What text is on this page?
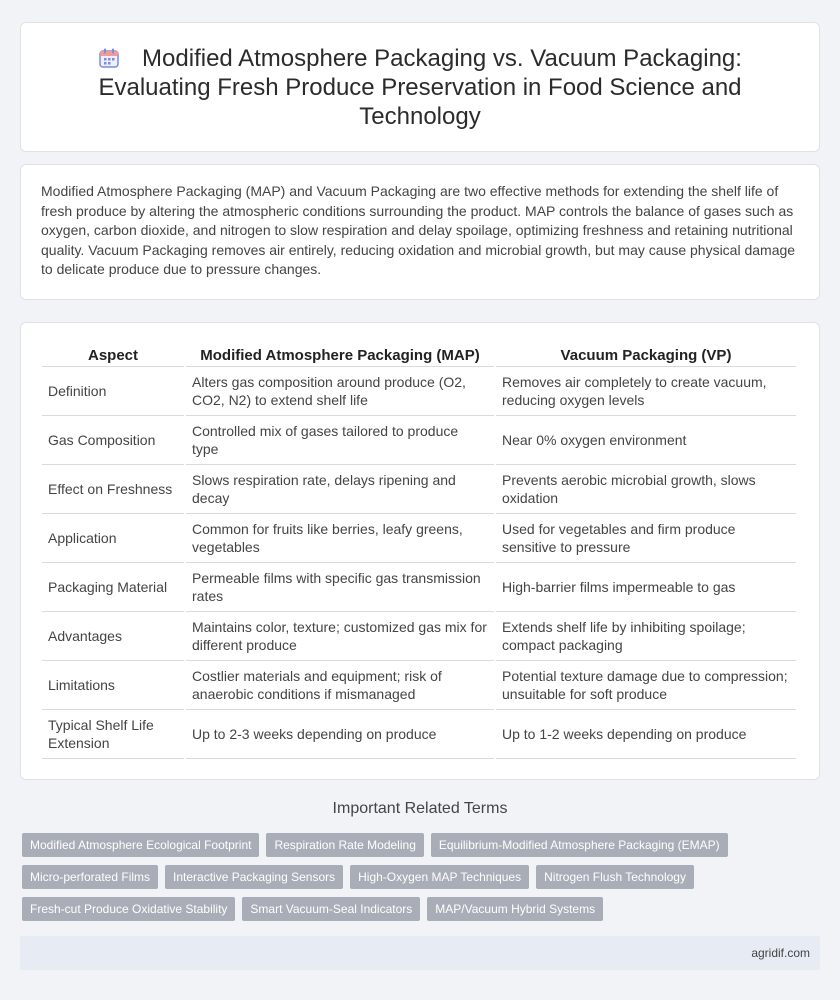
Modified Atmosphere Packaging vs. Vacuum Packaging: Evaluating Fresh Produce Preservation in Food Science and Technology

Modified Atmosphere Packaging (MAP) and Vacuum Packaging are two effective methods for extending the shelf life of fresh produce by altering the atmospheric conditions surrounding the product. MAP controls the balance of gases such as oxygen, carbon dioxide, and nitrogen to slow respiration and delay spoilage, optimizing freshness and retaining nutritional quality. Vacuum Packaging removes air entirely, reducing oxidation and microbial growth, but may cause physical damage to delicate produce due to pressure changes.

Aspect	Modified Atmosphere Packaging (MAP)	Vacuum Packaging (VP)
Definition	Alters gas composition around produce (O2, CO2, N2) to extend shelf life	Removes air completely to create vacuum, reducing oxygen levels
Gas Composition	Controlled mix of gases tailored to produce type	Near 0% oxygen environment
Effect on Freshness	Slows respiration rate, delays ripening and decay	Prevents aerobic microbial growth, slows oxidation
Application	Common for fruits like berries, leafy greens, vegetables	Used for vegetables and firm produce sensitive to pressure
Packaging Material	Permeable films with specific gas transmission rates	High-barrier films impermeable to gas
Advantages	Maintains color, texture; customized gas mix for different produce	Extends shelf life by inhibiting spoilage; compact packaging
Limitations	Costlier materials and equipment; risk of anaerobic conditions if mismanaged	Potential texture damage due to compression; unsuitable for soft produce
Typical Shelf Life Extension	Up to 2-3 weeks depending on produce	Up to 1-2 weeks depending on produce
Important Related Terms
Modified Atmosphere Ecological Footprint	Respiration Rate Modeling	Equilibrium-Modified Atmosphere Packaging (EMAP)
Micro-perforated Films	Interactive Packaging Sensors	High-Oxygen MAP Techniques	Nitrogen Flush Technology
Fresh-cut Produce Oxidative Stability	Smart Vacuum-Seal Indicators	MAP/Vacuum Hybrid Systems
agridif.com
